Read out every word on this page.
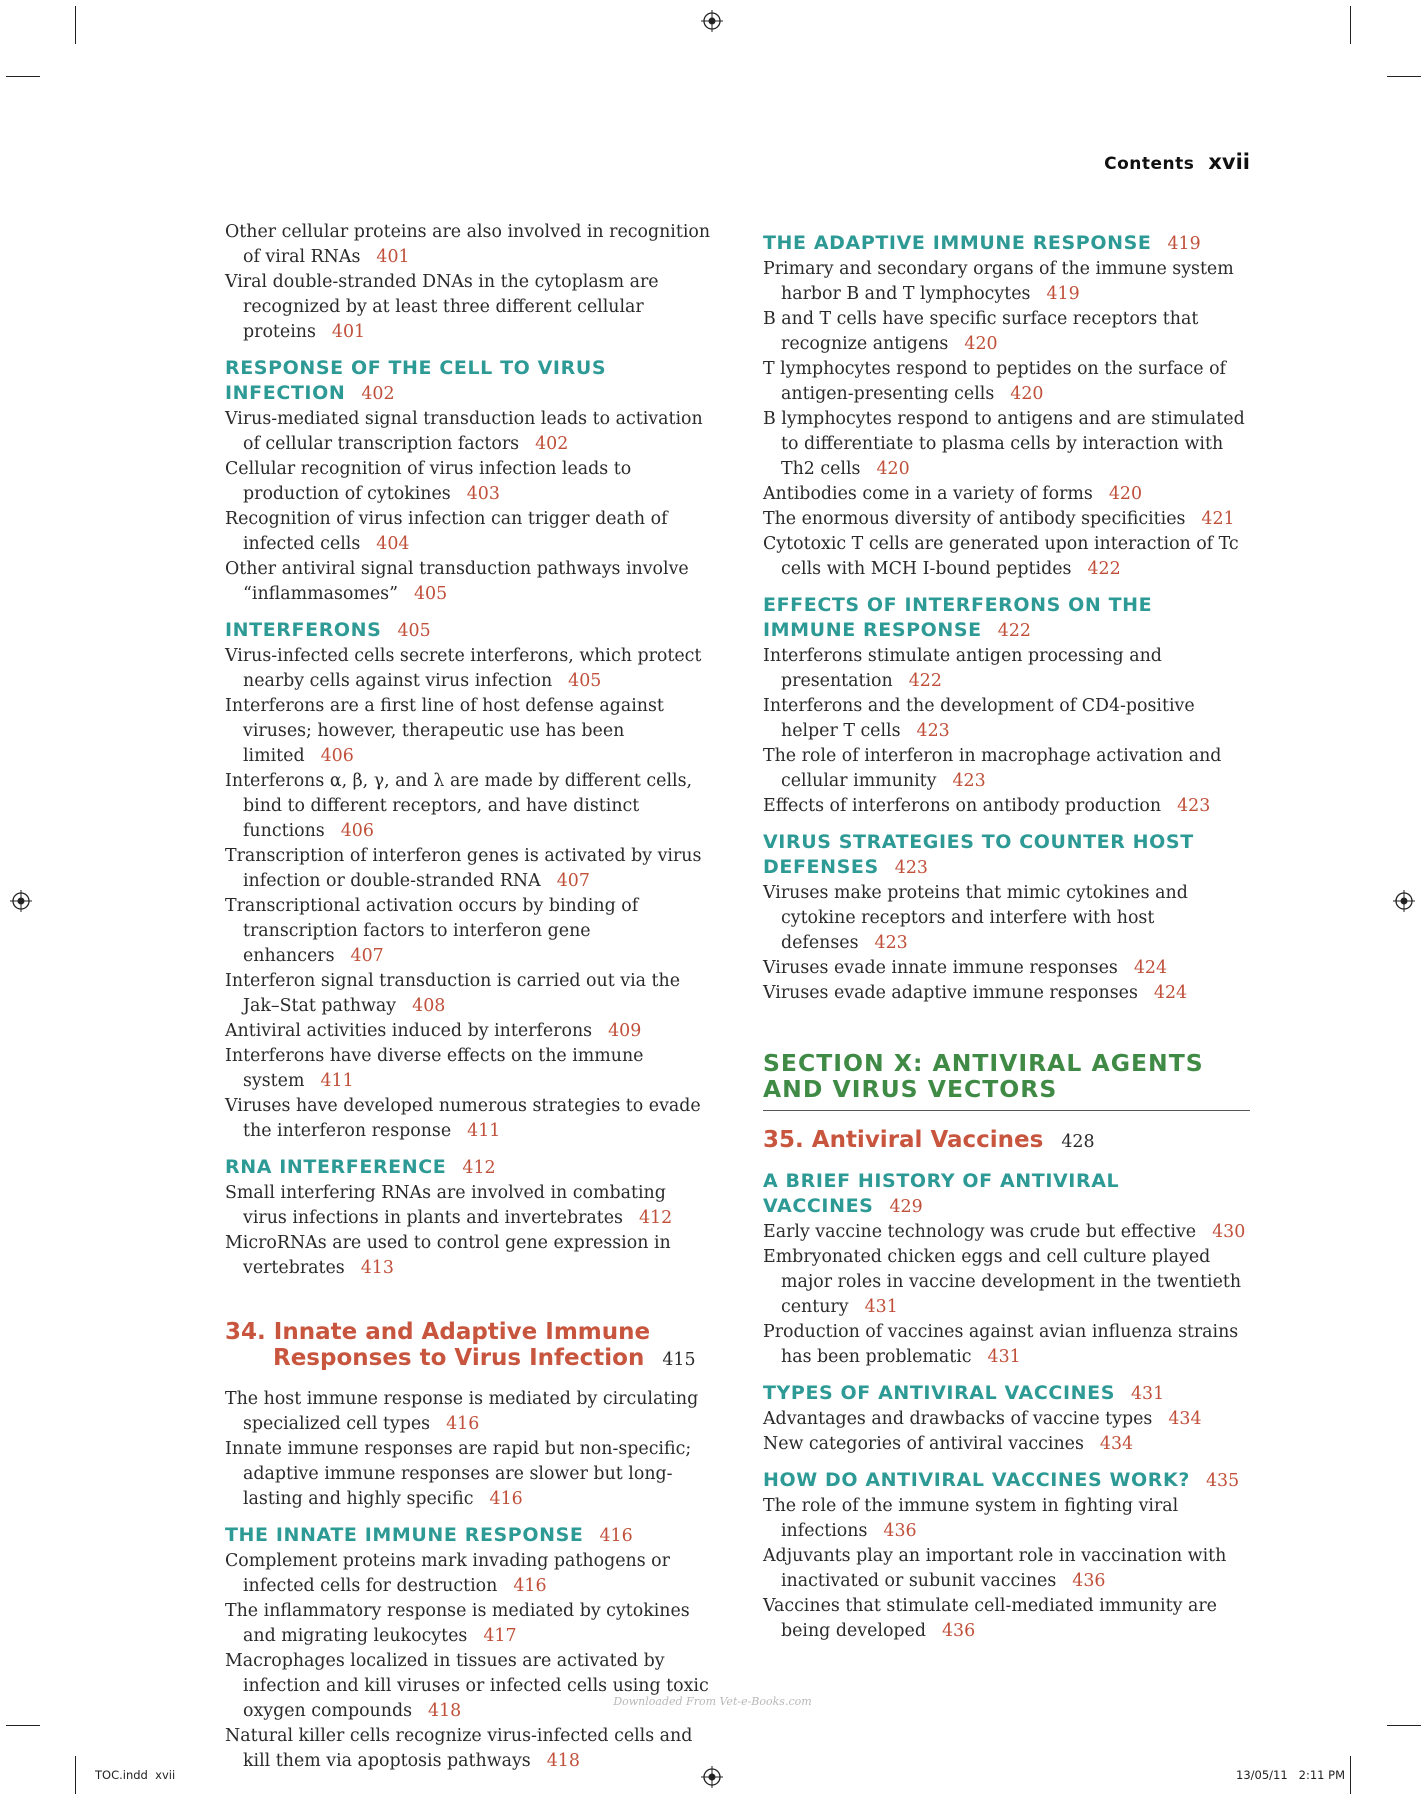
Contents xvii
Other cellular proteins are also involved in recognition of viral RNAs 401
Viral double-stranded DNAs in the cytoplasm are recognized by at least three different cellular proteins 401
RESPONSE OF THE CELL TO VIRUS INFECTION 402
Virus-mediated signal transduction leads to activation of cellular transcription factors 402
Cellular recognition of virus infection leads to production of cytokines 403
Recognition of virus infection can trigger death of infected cells 404
Other antiviral signal transduction pathways involve “inflammasomes” 405
INTERFERONS 405
Virus-infected cells secrete interferons, which protect nearby cells against virus infection 405
Interferons are a first line of host defense against viruses; however, therapeutic use has been limited 406
Interferons α, β, γ, and λ are made by different cells, bind to different receptors, and have distinct functions 406
Transcription of interferon genes is activated by virus infection or double-stranded RNA 407
Transcriptional activation occurs by binding of transcription factors to interferon gene enhancers 407
Interferon signal transduction is carried out via the Jak–Stat pathway 408
Antiviral activities induced by interferons 409
Interferons have diverse effects on the immune system 411
Viruses have developed numerous strategies to evade the interferon response 411
RNA INTERFERENCE 412
Small interfering RNAs are involved in combating virus infections in plants and invertebrates 412
MicroRNAs are used to control gene expression in vertebrates 413
34. Innate and Adaptive Immune Responses to Virus Infection 415
The host immune response is mediated by circulating specialized cell types 416
Innate immune responses are rapid but non-specific; adaptive immune responses are slower but long-lasting and highly specific 416
THE INNATE IMMUNE RESPONSE 416
Complement proteins mark invading pathogens or infected cells for destruction 416
The inflammatory response is mediated by cytokines and migrating leukocytes 417
Macrophages localized in tissues are activated by infection and kill viruses or infected cells using toxic oxygen compounds 418
Natural killer cells recognize virus-infected cells and kill them via apoptosis pathways 418
THE ADAPTIVE IMMUNE RESPONSE 419
Primary and secondary organs of the immune system harbor B and T lymphocytes 419
B and T cells have specific surface receptors that recognize antigens 420
T lymphocytes respond to peptides on the surface of antigen-presenting cells 420
B lymphocytes respond to antigens and are stimulated to differentiate to plasma cells by interaction with Th2 cells 420
Antibodies come in a variety of forms 420
The enormous diversity of antibody specificities 421
Cytotoxic T cells are generated upon interaction of Tc cells with MCH I-bound peptides 422
EFFECTS OF INTERFERONS ON THE IMMUNE RESPONSE 422
Interferons stimulate antigen processing and presentation 422
Interferons and the development of CD4-positive helper T cells 423
The role of interferon in macrophage activation and cellular immunity 423
Effects of interferons on antibody production 423
VIRUS STRATEGIES TO COUNTER HOST DEFENSES 423
Viruses make proteins that mimic cytokines and cytokine receptors and interfere with host defenses 423
Viruses evade innate immune responses 424
Viruses evade adaptive immune responses 424
SECTION X: ANTIVIRAL AGENTS AND VIRUS VECTORS
35. Antiviral Vaccines 428
A BRIEF HISTORY OF ANTIVIRAL VACCINES 429
Early vaccine technology was crude but effective 430
Embryonated chicken eggs and cell culture played major roles in vaccine development in the twentieth century 431
Production of vaccines against avian influenza strains has been problematic 431
TYPES OF ANTIVIRAL VACCINES 431
Advantages and drawbacks of vaccine types 434
New categories of antiviral vaccines 434
HOW DO ANTIVIRAL VACCINES WORK? 435
The role of the immune system in fighting viral infections 436
Adjuvants play an important role in vaccination with inactivated or subunit vaccines 436
Vaccines that stimulate cell-mediated immunity are being developed 436
Downloaded From Vet-e-Books.com
TOC.indd xvii	13/05/11 2:11 PM
